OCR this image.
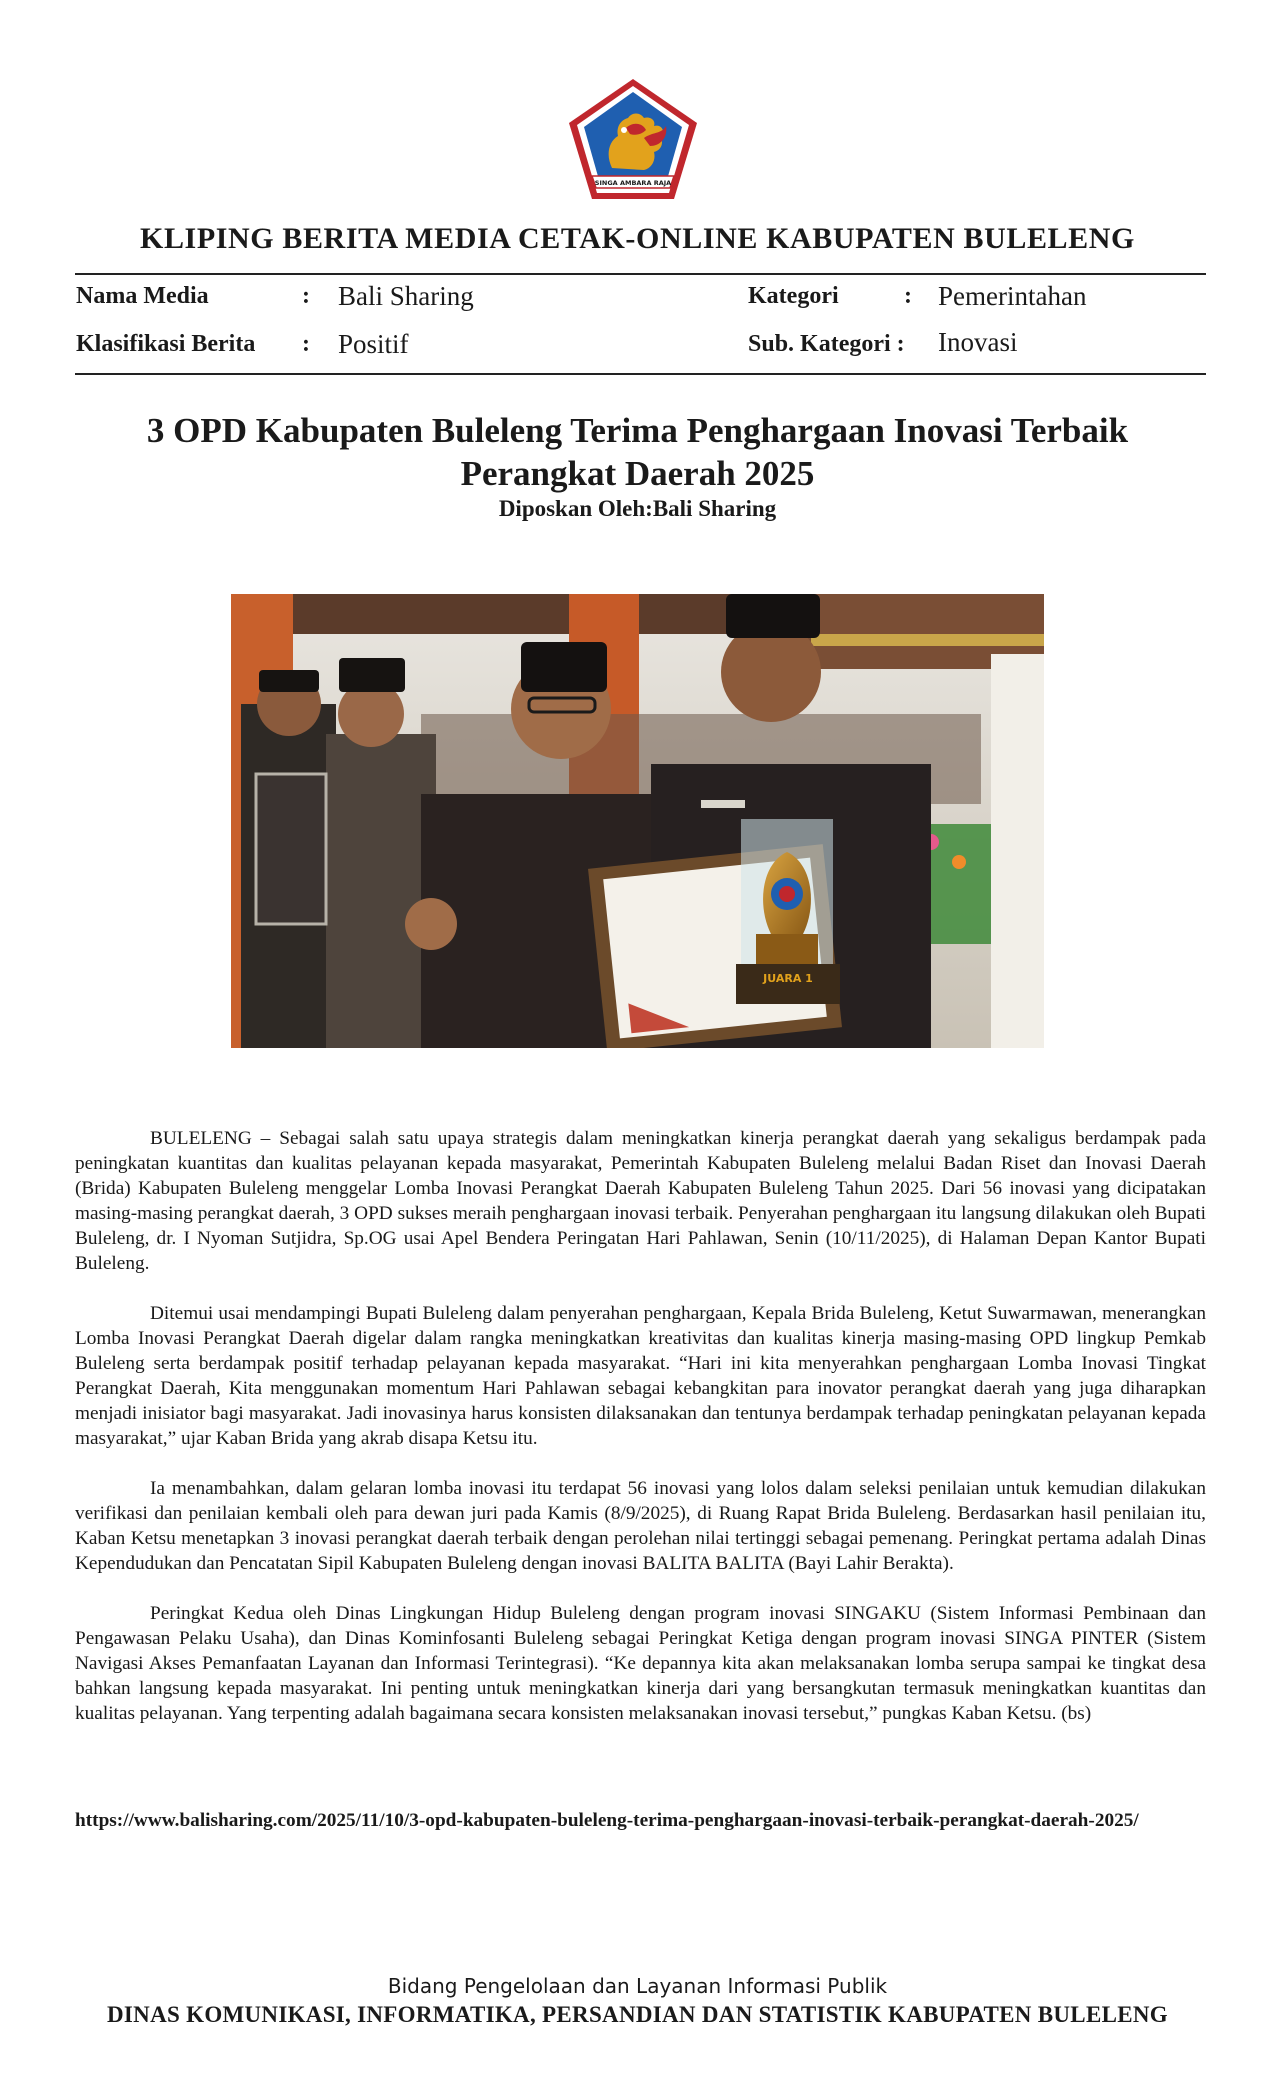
SINGA AMBARA RAJA
KLIPING BERITA MEDIA CETAK-ONLINE KABUPATEN BULELENG
Nama Media	: Bali Sharing	Kategori	: Pemerintahan
Klasifikasi Berita : Positif	Sub. Kategori : Inovasi
3 OPD Kabupaten Buleleng Terima Penghargaan Inovasi Terbaik
Perangkat Daerah 2025
Diposkan Oleh:Bali Sharing
JUARA 1

BULELENG – Sebagai salah satu upaya strategis dalam meningkatkan kinerja perangkat daerah yang sekaligus berdampak pada peningkatan kuantitas dan kualitas pelayanan kepada masyarakat, Pemerintah Kabupaten Buleleng melalui Badan Riset dan Inovasi Daerah (Brida) Kabupaten Buleleng menggelar Lomba Inovasi Perangkat Daerah Kabupaten Buleleng Tahun 2025. Dari 56 inovasi yang dicipatakan masing-masing perangkat daerah, 3 OPD sukses meraih penghargaan inovasi terbaik. Penyerahan penghargaan itu langsung dilakukan oleh Bupati Buleleng, dr. I Nyoman Sutjidra, Sp.OG usai Apel Bendera Peringatan Hari Pahlawan, Senin (10/11/2025), di Halaman Depan Kantor Bupati Buleleng.

Ditemui usai mendampingi Bupati Buleleng dalam penyerahan penghargaan, Kepala Brida Buleleng, Ketut Suwarmawan, menerangkan Lomba Inovasi Perangkat Daerah digelar dalam rangka meningkatkan kreativitas dan kualitas kinerja masing-masing OPD lingkup Pemkab Buleleng serta berdampak positif terhadap pelayanan kepada masyarakat. “Hari ini kita menyerahkan penghargaan Lomba Inovasi Tingkat Perangkat Daerah, Kita menggunakan momentum Hari Pahlawan sebagai kebangkitan para inovator perangkat daerah yang juga diharapkan menjadi inisiator bagi masyarakat. Jadi inovasinya harus konsisten dilaksanakan dan tentunya berdampak terhadap peningkatan pelayanan kepada masyarakat,” ujar Kaban Brida yang akrab disapa Ketsu itu.

Ia menambahkan, dalam gelaran lomba inovasi itu terdapat 56 inovasi yang lolos dalam seleksi penilaian untuk kemudian dilakukan verifikasi dan penilaian kembali oleh para dewan juri pada Kamis (8/9/2025), di Ruang Rapat Brida Buleleng. Berdasarkan hasil penilaian itu, Kaban Ketsu menetapkan 3 inovasi perangkat daerah terbaik dengan perolehan nilai tertinggi sebagai pemenang. Peringkat pertama adalah Dinas Kependudukan dan Pencatatan Sipil Kabupaten Buleleng dengan inovasi BALITA BALITA (Bayi Lahir Berakta).

Peringkat Kedua oleh Dinas Lingkungan Hidup Buleleng dengan program inovasi SINGAKU (Sistem Informasi Pembinaan dan Pengawasan Pelaku Usaha), dan Dinas Kominfosanti Buleleng sebagai Peringkat Ketiga dengan program inovasi SINGA PINTER (Sistem Navigasi Akses Pemanfaatan Layanan dan Informasi Terintegrasi). “Ke depannya kita akan melaksanakan lomba serupa sampai ke tingkat desa bahkan langsung kepada masyarakat. Ini penting untuk meningkatkan kinerja dari yang bersangkutan termasuk meningkatkan kuantitas dan kualitas pelayanan. Yang terpenting adalah bagaimana secara konsisten melaksanakan inovasi tersebut,” pungkas Kaban Ketsu. (bs)

https://www.balisharing.com/2025/11/10/3-opd-kabupaten-buleleng-terima-penghargaan-inovasi-terbaik-perangkat-daerah-2025/
Bidang Pengelolaan dan Layanan Informasi Publik
DINAS KOMUNIKASI, INFORMATIKA, PERSANDIAN DAN STATISTIK KABUPATEN BULELENG
